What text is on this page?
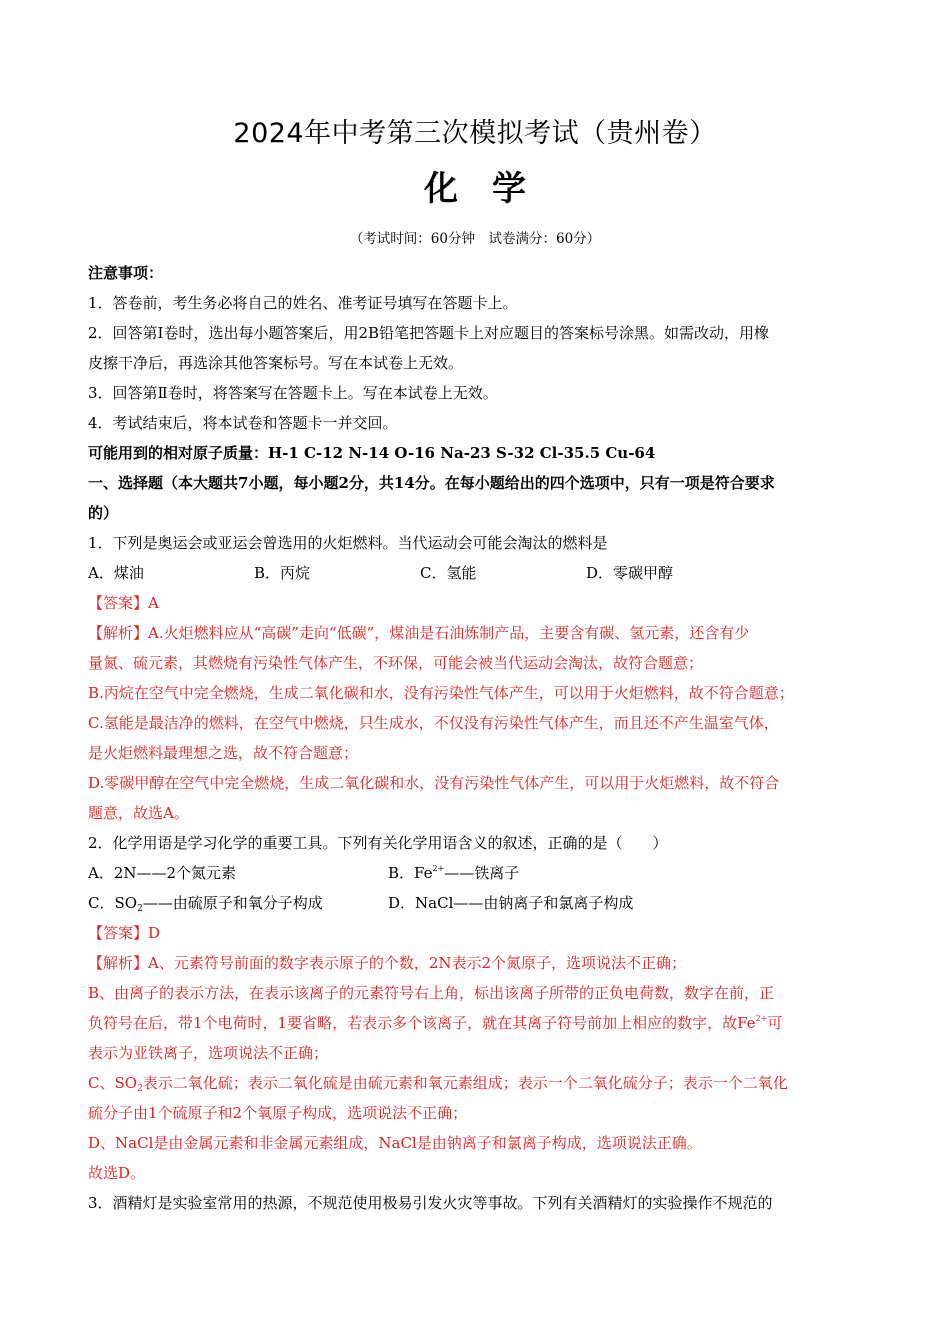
2024年中考第三次模拟考试（贵州卷）
化学
（考试时间：60分钟　试卷满分：60分）
注意事项：
1．答卷前，考生务必将自己的姓名、准考证号填写在答题卡上。
2．回答第Ⅰ卷时，选出每小题答案后，用2B铅笔把答题卡上对应题目的答案标号涂黑。如需改动，用橡
皮擦干净后，再选涂其他答案标号。写在本试卷上无效。
3．回答第Ⅱ卷时，将答案写在答题卡上。写在本试卷上无效。
4．考试结束后，将本试卷和答题卡一并交回。
可能用到的相对原子质量：H-1 C-12 N-14 O-16 Na-23 S-32 Cl-35.5 Cu-64
一、选择题（本大题共7小题，每小题2分，共14分。在每小题给出的四个选项中，只有一项是符合要求
的）
1．下列是奥运会或亚运会曾选用的火炬燃料。当代运动会可能会淘汰的燃料是
A．煤油	B．丙烷	C．氢能	D．零碳甲醇
【答案】A
【解析】A.火炬燃料应从“高碳”走向“低碳”，煤油是石油炼制产品，主要含有碳、氢元素，还含有少
量氮、硫元素，其燃烧有污染性气体产生，不环保，可能会被当代运动会淘汰，故符合题意；
B.丙烷在空气中完全燃烧，生成二氧化碳和水，没有污染性气体产生，可以用于火炬燃料，故不符合题意；
C.氢能是最洁净的燃料，在空气中燃烧，只生成水，不仅没有污染性气体产生，而且还不产生温室气体，
是火炬燃料最理想之选，故不符合题意；
D.零碳甲醇在空气中完全燃烧，生成二氧化碳和水，没有污染性气体产生，可以用于火炬燃料，故不符合
题意，故选A。
2．化学用语是学习化学的重要工具。下列有关化学用语含义的叙述，正确的是（　　）
A．2N——2个氮元素	B．$Fe^{2+}——$铁离子
C．$SO_2——$由硫原子和氧分子构成	D．NaCl——由钠离子和氯离子构成
【答案】D
【解析】A、元素符号前面的数字表示原子的个数，2N表示2个氮原子，选项说法不正确；
B、由离子的表示方法，在表示该离子的元素符号右上角，标出该离子所带的正负电荷数，数字在前，正
负符号在后，带1个电荷时，1要省略，若表示多个该离子，就在其离子符号前加上相应的数字，故$Fe^{2+}$可
表示为亚铁离子，选项说法不正确；
C、$SO_2$表示二氧化硫；表示二氧化硫是由硫元素和氧元素组成；表示一个二氧化硫分子；表示一个二氧化
硫分子由1个硫原子和2个氧原子构成，选项说法不正确；
D、NaCl是由金属元素和非金属元素组成，NaCl是由钠离子和氯离子构成，选项说法正确。
故选D。
3．酒精灯是实验室常用的热源，不规范使用极易引发火灾等事故。下列有关酒精灯的实验操作不规范的
